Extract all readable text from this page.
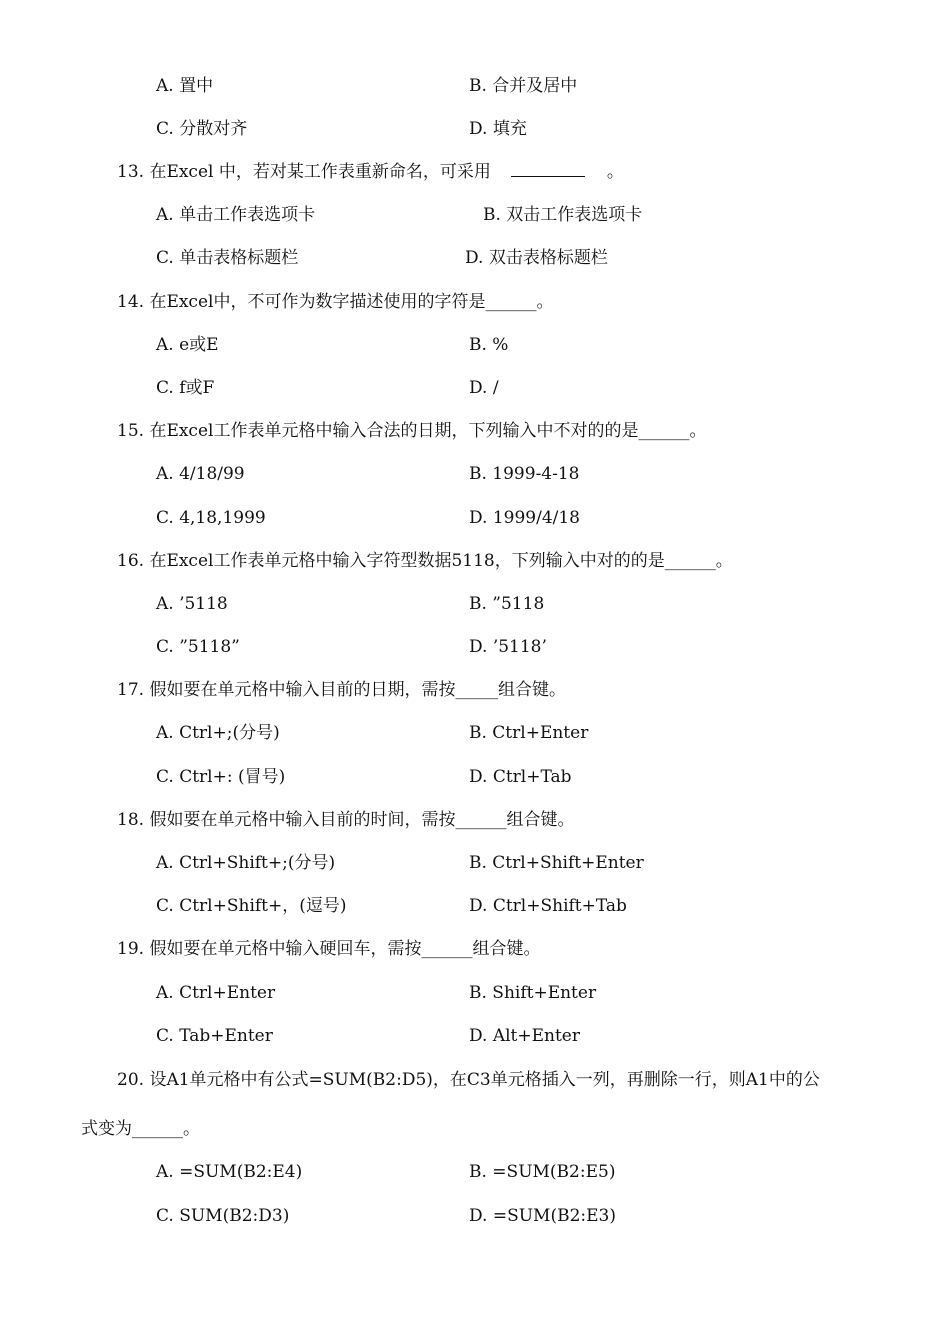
A. 置中	B. 合并及居中
C. 分散对齐	D. 填充
13. 在Excel 中，若对某工作表重新命名，可采用	。
A. 单击工作表选项卡	B. 双击工作表选项卡
C. 单击表格标题栏	D. 双击表格标题栏
14. 在Excel中，不可作为数字描述使用的字符是______。
A. e或E	B. %
C. f或F	D. /
15. 在Excel工作表单元格中输入合法的日期，下列输入中不对的的是______。
A. 4/18/99	B. 1999-4-18
C. 4,18,1999	D. 1999/4/18
16. 在Excel工作表单元格中输入字符型数据5118，下列输入中对的的是______。
A. ’5118	B. ”5118
C. ”5118”	D. ’5118’
17. 假如要在单元格中输入目前的日期，需按_____组合键。
A. Ctrl+;(分号)	B. Ctrl+Enter
C. Ctrl+: (冒号)	D. Ctrl+Tab
18. 假如要在单元格中输入目前的时间，需按______组合键。
A. Ctrl+Shift+;(分号)	B. Ctrl+Shift+Enter
C. Ctrl+Shift+，(逗号)	D. Ctrl+Shift+Tab
19. 假如要在单元格中输入硬回车，需按______组合键。
A. Ctrl+Enter	B. Shift+Enter
C. Tab+Enter	D. Alt+Enter
20. 设A1单元格中有公式=SUM(B2:D5)，在C3单元格插入一列，再删除一行，则A1中的公
式变为______。
A. =SUM(B2:E4)	B. =SUM(B2:E5)
C. SUM(B2:D3)	D. =SUM(B2:E3)
